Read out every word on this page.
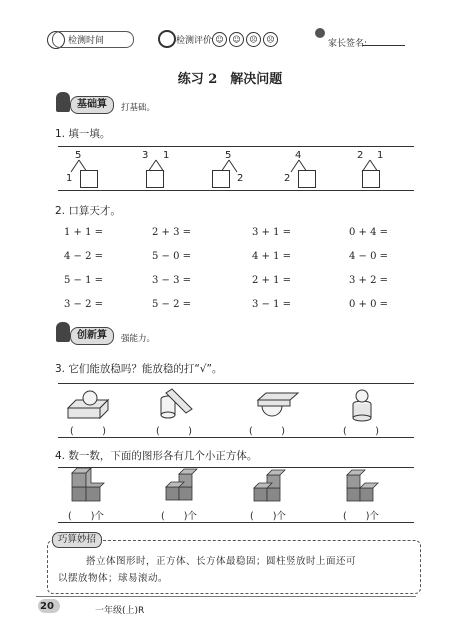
检测时间	检测评价 ☺	☺	☹	☹	家长签名:
练习 2　解决问题
基础算	打基础。
1. 填一填。
5
1
3 1	5
2
4
2
2 1
2. 口算天才。
1 + 1 =	2 + 3 =	3 + 1 =	0 + 4 =
4 − 2 =	5 − 0 =	4 + 1 =	4 − 0 =
5 − 1 =	3 − 3 =	2 + 1 =	3 + 2 =
3 − 2 =	5 − 2 =	3 − 1 =	0 + 0 =
创新算	强能力。
3. 它们能放稳吗？能放稳的打“√”。
(　　　)	(　　　)	(　　　)	(　　　)
4. 数一数，下面的图形各有几个小正方体。
(　　)个	(　　)个	(　　)个	(　　)个
巧算妙招
搭立体图形时，正方体、长方体最稳固；圆柱竖放时上面还可
以摆放物体；球易滚动。
20	一年级(上)R
